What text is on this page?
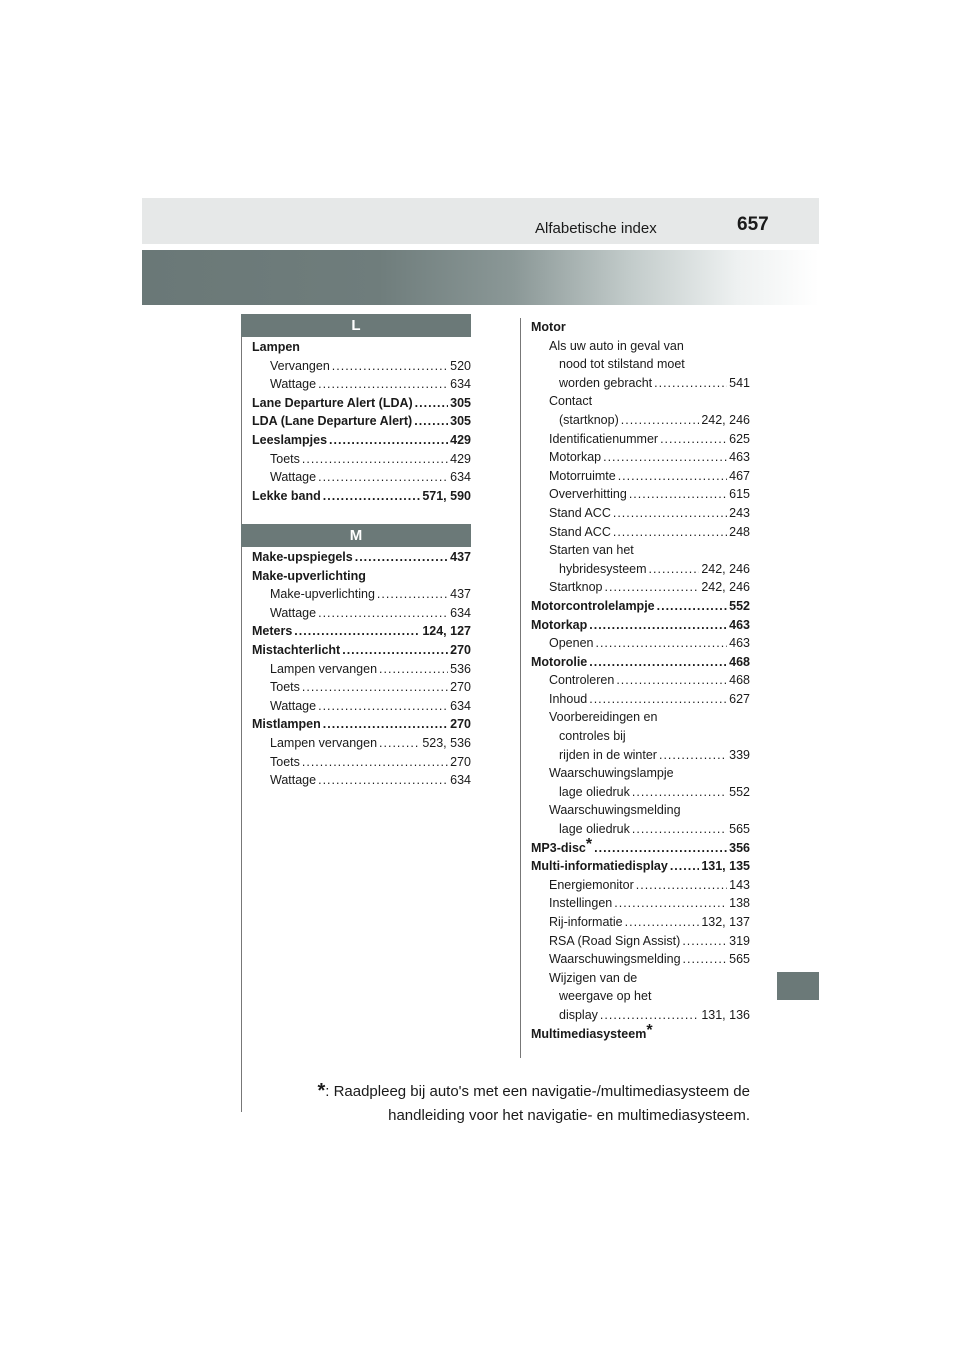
Alfabetische index	657
L
Lampen
Vervangen .....	520
Wattage .....	634
Lane Departure Alert (LDA) .....	305
LDA (Lane Departure Alert) .....	305
Leeslampjes .....	429
Toets .....	429
Wattage .....	634
Lekke band .....	571, 590
M
Make-upspiegels .....	437
Make-upverlichting
Make-upverlichting .....	437
Wattage .....	634
Meters .....	124, 127
Mistachterlicht .....	270
Lampen vervangen .....	536
Toets .....	270
Wattage .....	634
Mistlampen .....	270
Lampen vervangen .....	523, 536
Toets .....	270
Wattage .....	634
Motor
Als uw auto in geval van
nood tot stilstand moet
worden gebracht .....	541
Contact
(startknop) .....	242, 246
Identificatienummer .....	625
Motorkap .....	463
Motorruimte .....	467
Oververhitting .....	615
Stand ACC .....	243
Stand ACC .....	248
Starten van het
hybridesysteem .....	242, 246
Startknop .....	242, 246
Motorcontrolelampje .....	552
Motorkap .....	463
Openen .....	463
Motorolie .....	468
Controleren .....	468
Inhoud .....	627
Voorbereidingen en
controles bij
rijden in de winter .....	339
Waarschuwingslampje
lage oliedruk .....	552
Waarschuwingsmelding
lage oliedruk .....	565
MP3-disc* .....	356
Multi-informatiedisplay .....	131, 135
Energiemonitor .....	143
Instellingen .....	138
Rij-informatie .....	132, 137
RSA (Road Sign Assist) .....	319
Waarschuwingsmelding .....	565
Wijzigen van de
weergave op het
display .....	131, 136
Multimediasysteem*
*: Raadpleeg bij auto's met een navigatie-/multimediasysteem de
handleiding voor het navigatie- en multimediasysteem.
